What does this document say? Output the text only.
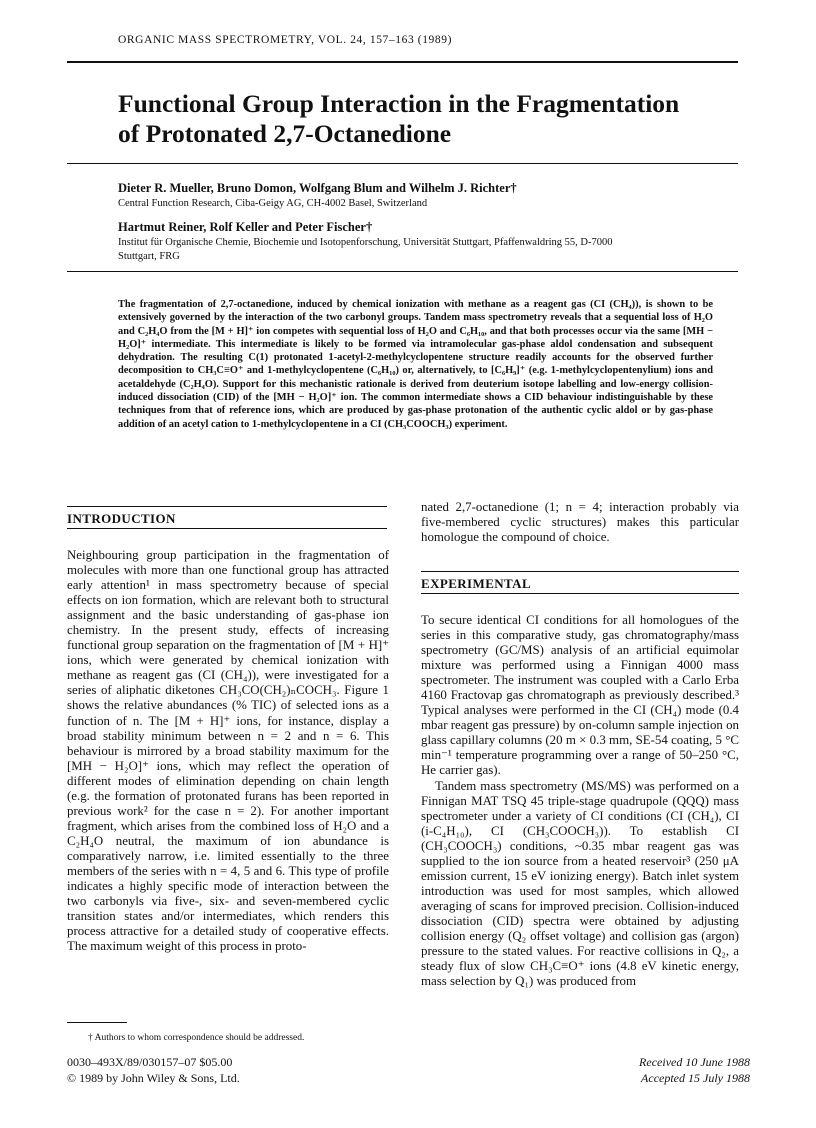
ORGANIC MASS SPECTROMETRY, VOL. 24, 157–163 (1989)
Functional Group Interaction in the Fragmentation
of Protonated 2,7-Octanedione
Dieter R. Mueller, Bruno Domon, Wolfgang Blum and Wilhelm J. Richter†
Central Function Research, Ciba-Geigy AG, CH-4002 Basel, Switzerland
Hartmut Reiner, Rolf Keller and Peter Fischer†
Institut für Organische Chemie, Biochemie und Isotopenforschung, Universität Stuttgart, Pfaffenwaldring 55, D-7000
Stuttgart, FRG
The fragmentation of 2,7-octanedione, induced by chemical ionization with methane as a reagent gas (CI (CH₄)), is shown to be extensively governed by the interaction of the two carbonyl groups. Tandem mass spectrometry reveals that a sequential loss of H₂O and C₂H₄O from the [M + H]⁺ ion competes with sequential loss of H₂O and C₆H₁₀, and that both processes occur via the same [MH − H₂O]⁺ intermediate. This intermediate is likely to be formed via intramolecular gas-phase aldol condensation and subsequent dehydration. The resulting C(1) protonated 1-acetyl-2-methylcyclopentene structure readily accounts for the observed further decomposition to CH₃C≡O⁺ and 1-methylcyclopentene (C₆H₁₀) or, alternatively, to [C₆H₉]⁺ (e.g. 1-methylcyclopentenylium) ions and acetaldehyde (C₂H₄O). Support for this mechanistic rationale is derived from deuterium isotope labelling and low-energy collision-induced dissociation (CID) of the [MH − H₂O]⁺ ion. The common intermediate shows a CID behaviour indistinguishable by these techniques from that of reference ions, which are produced by gas-phase protonation of the authentic cyclic aldol or by gas-phase addition of an acetyl cation to 1-methylcyclopentene in a CI (CH₃COOCH₃) experiment.
INTRODUCTION

Neighbouring group participation in the fragmentation of molecules with more than one functional group has attracted early attention¹ in mass spectrometry because of special effects on ion formation, which are relevant both to structural assignment and the basic understanding of gas-phase ion chemistry. In the present study, effects of increasing functional group separation on the fragmentation of [M + H]⁺ ions, which were generated by chemical ionization with methane as reagent gas (CI (CH₄)), were investigated for a series of aliphatic diketones CH₃CO(CH₂)ₙCOCH₃. Figure 1 shows the relative abundances (% TIC) of selected ions as a function of n. The [M + H]⁺ ions, for instance, display a broad stability minimum between n = 2 and n = 6. This behaviour is mirrored by a broad stability maximum for the [MH − H₂O]⁺ ions, which may reflect the operation of different modes of elimination depending on chain length (e.g. the formation of protonated furans has been reported in previous work² for the case n = 2). For another important fragment, which arises from the combined loss of H₂O and a C₂H₄O neutral, the maximum of ion abundance is comparatively narrow, i.e. limited essentially to the three members of the series with n = 4, 5 and 6. This type of profile indicates a highly specific mode of interaction between the two carbonyls via five-, six- and seven-membered cyclic transition states and/or intermediates, which renders this process attractive for a detailed study of cooperative effects. The maximum weight of this process in proto-

† Authors to whom correspondence should be addressed.
0030–493X/89/030157–07 $05.00
© 1989 by John Wiley & Sons, Ltd.

nated 2,7-octanedione (1; n = 4; interaction probably via five-membered cyclic structures) makes this particular homologue the compound of choice.

EXPERIMENTAL

To secure identical CI conditions for all homologues of the series in this comparative study, gas chromatography/mass spectrometry (GC/MS) analysis of an artificial equimolar mixture was performed using a Finnigan 4000 mass spectrometer. The instrument was coupled with a Carlo Erba 4160 Fractovap gas chromatograph as previously described.³ Typical analyses were performed in the CI (CH₄) mode (0.4 mbar reagent gas pressure) by on-column sample injection on glass capillary columns (20 m × 0.3 mm, SE-54 coating, 5 °C min⁻¹ temperature programming over a range of 50–250 °C, He carrier gas).

Tandem mass spectrometry (MS/MS) was performed on a Finnigan MAT TSQ 45 triple-stage quadrupole (QQQ) mass spectrometer under a variety of CI conditions (CI (CH₄), CI (i-C₄H₁₀), CI (CH₃COOCH₃)). To establish CI (CH₃COOCH₃) conditions, ~0.35 mbar reagent gas was supplied to the ion source from a heated reservoir³ (250 μA emission current, 15 eV ionizing energy). Batch inlet system introduction was used for most samples, which allowed averaging of scans for improved precision. Collision-induced dissociation (CID) spectra were obtained by adjusting collision energy (Q₂ offset voltage) and collision gas (argon) pressure to the stated values. For reactive collisions in Q₂, a steady flux of slow CH₃C≡O⁺ ions (4.8 eV kinetic energy, mass selection by Q₁) was produced from

Received 10 June 1988
Accepted 15 July 1988
